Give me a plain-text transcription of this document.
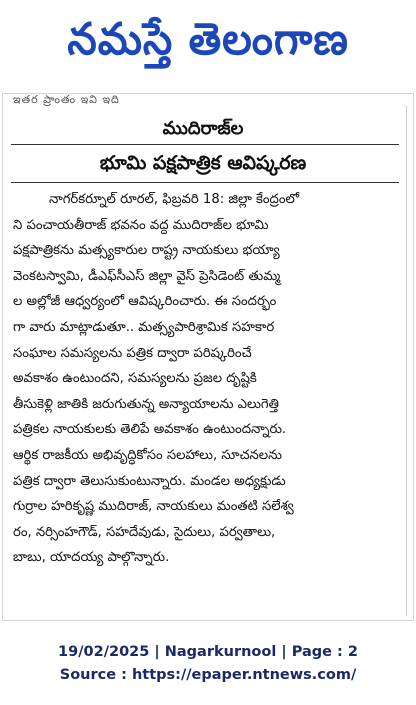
నమస్తే తెలంగాణ
ఇతర ప్రాంతం ఇవి ఇది
ముదిరాజ్‌ల
భూమి పక్షపాత్రిక ఆవిష్కరణ
నాగర్‌కర్నూల్ రూరల్, ఫిబ్రవరి 18: జిల్లా కేంద్రంలో
ని పంచాయతీరాజ్ భవనం వద్ద ముదిరాజ్‌ల భూమి
పక్షపాత్రికను మత్స్యకారుల రాష్ట్ర నాయకులు భయ్యా
వెంకటస్వామి, డీఎఫ్‌సీఎస్ జిల్లా వైస్ ప్రెసిడెంట్ తుమ్మ
ల అల్లోజీ ఆధ్వర్యంలో ఆవిష్కరించారు. ఈ సందర్భం
గా వారు మాట్లాడుతూ.. మత్స్యపారిశ్రామిక సహకార
సంఘాల సమస్యలను పత్రిక ద్వారా పరిష్కరించే
అవకాశం ఉంటుందని, సమస్యలను ప్రజల దృష్టికి
తీసుకెళ్లి జాతికి జరుగుతున్న అన్యాయాలను ఎలుగెత్తి
పత్రికల నాయకులకు తెలిపే అవకాశం ఉంటుందన్నారు.
ఆర్థిక రాజకీయ అభివృద్ధికోసం సలహాలు, సూచనలను
పత్రిక ద్వారా తెలుసుకుంటున్నారు. మండల అధ్యక్షుడు
గుర్రాల హరికృష్ణ ముదిరాజ్, నాయకులు మంతటి సలేశ్వ
రం, నర్సింహగౌడ్, సహదేవుడు, సైదులు, పర్వతాలు,
బాబు, యాదయ్య పాల్గొన్నారు.
19/02/2025 | Nagarkurnool | Page : 2
Source : https://epaper.ntnews.com/
